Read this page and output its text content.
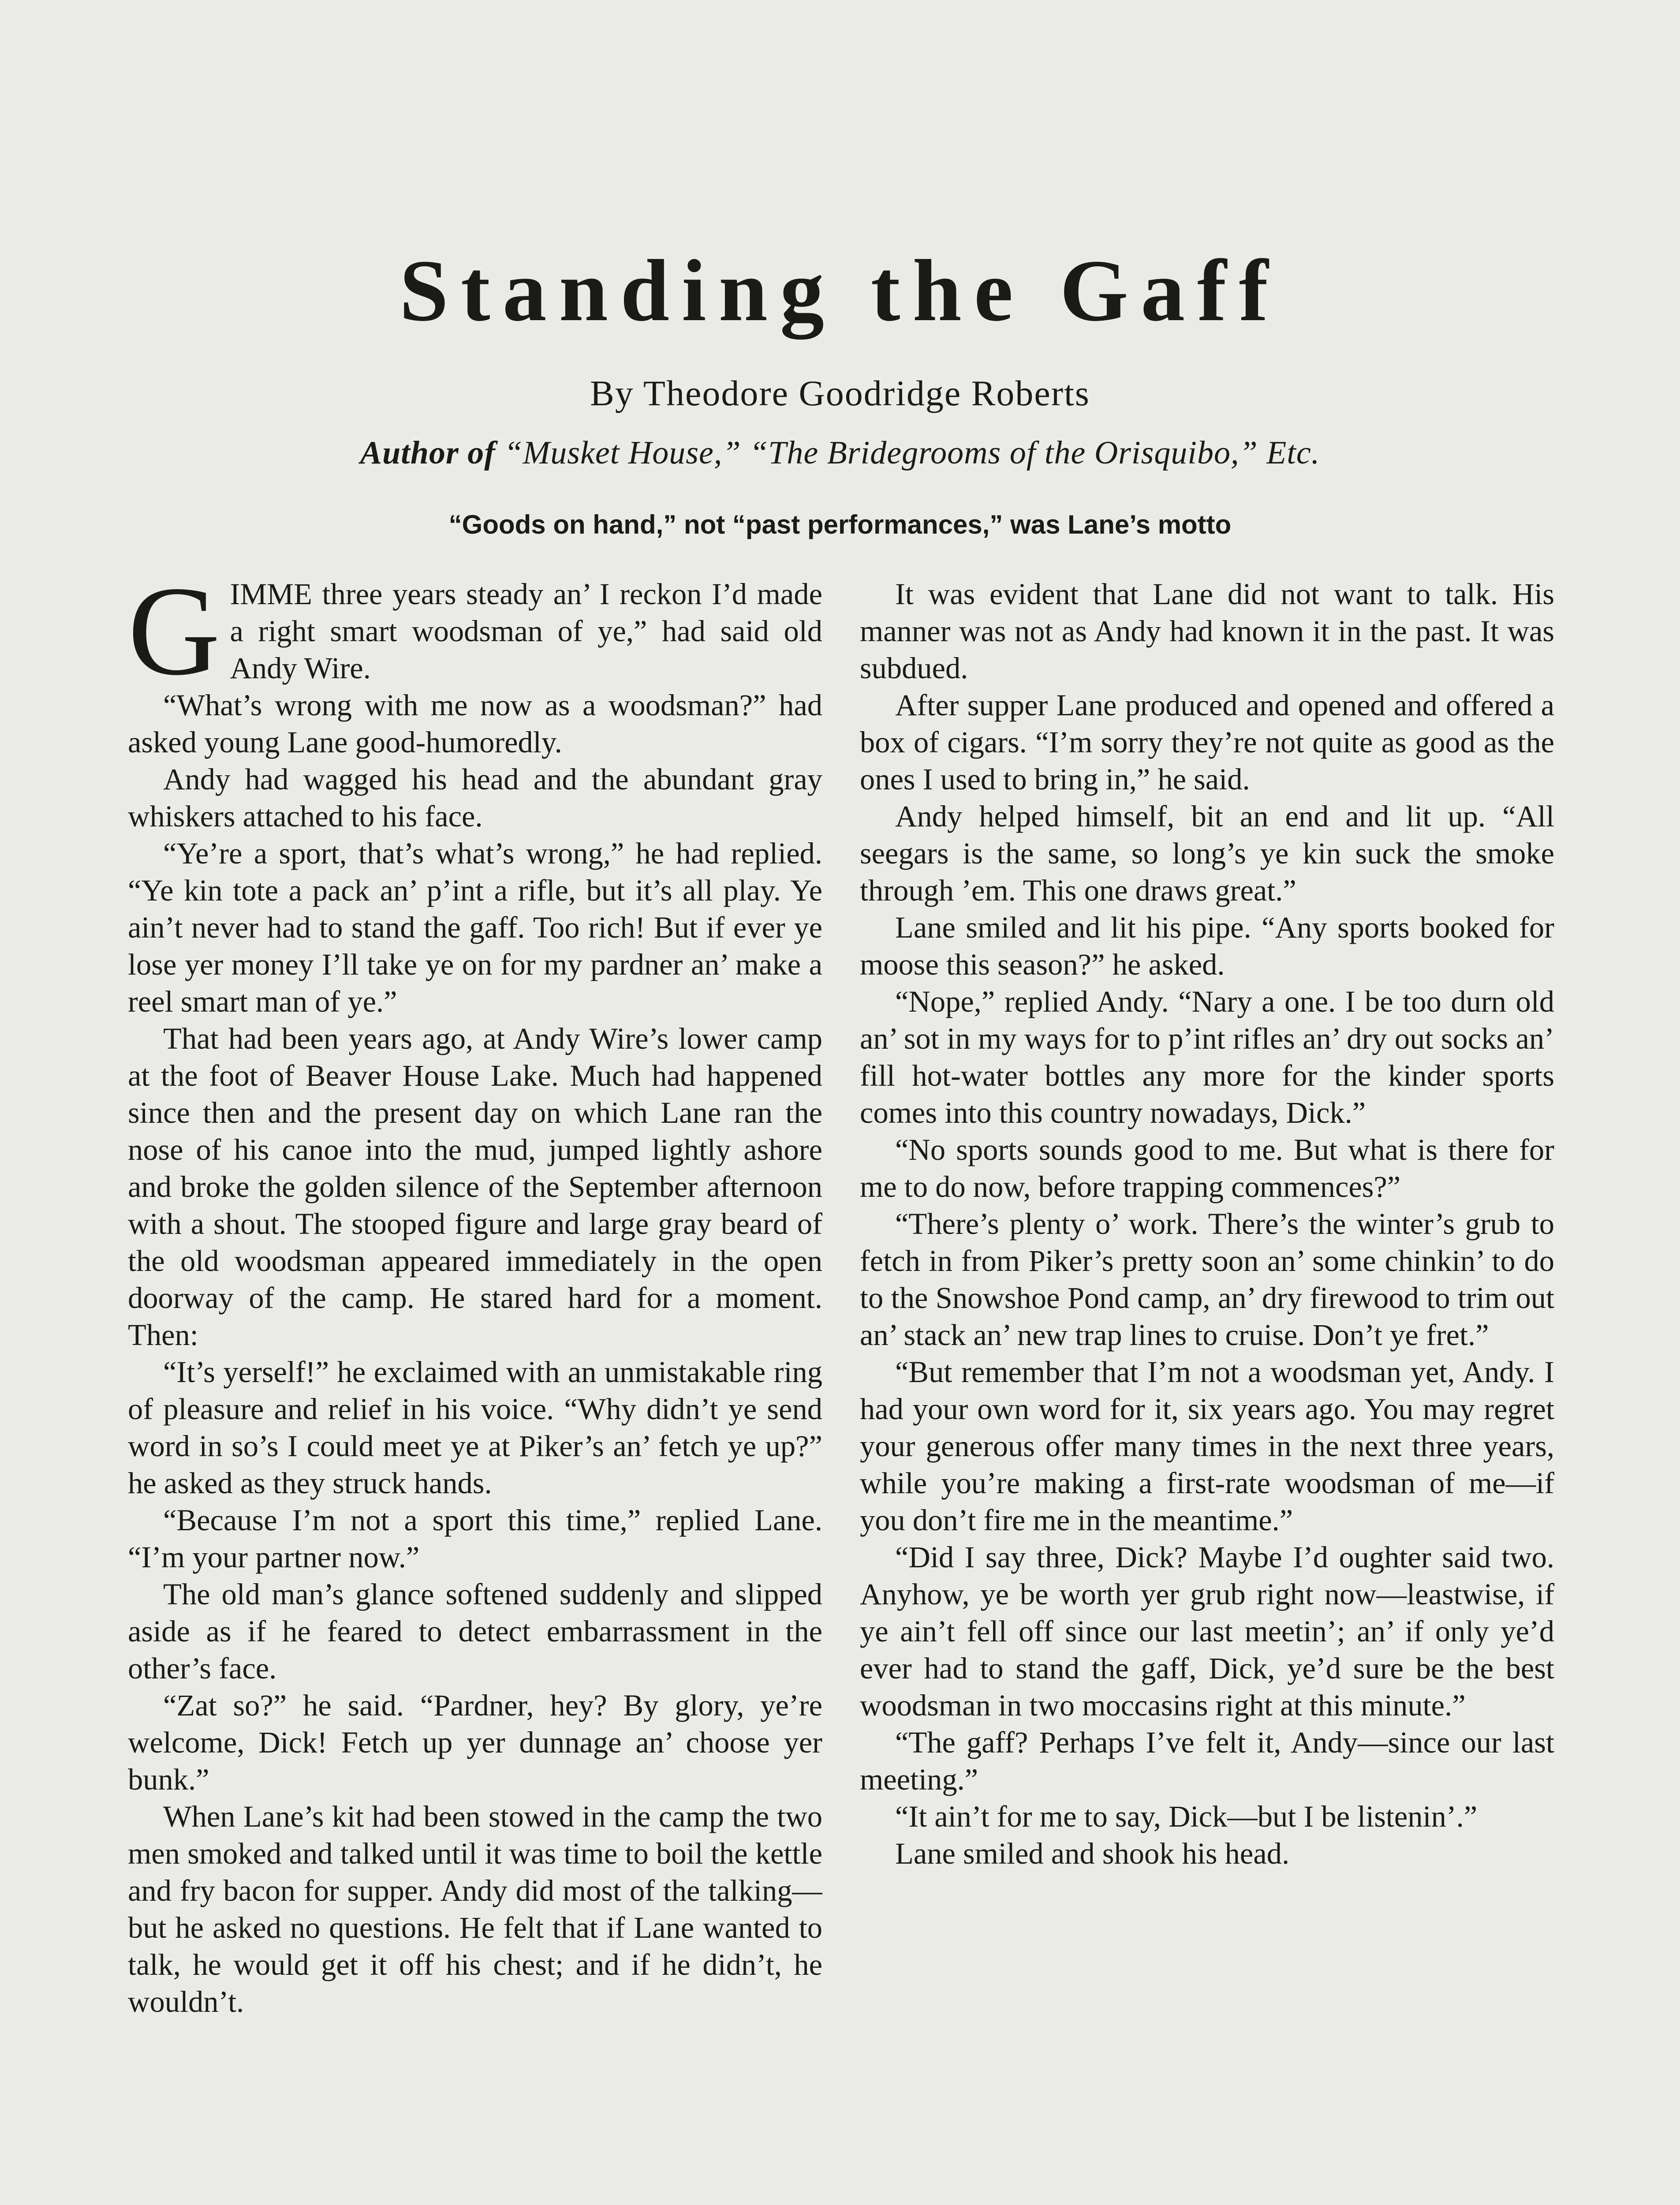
Standing the Gaff
By Theodore Goodridge Roberts
Author of “Musket House,” “The Bridegrooms of the Orisquibo,” Etc.
“Goods on hand,” not “past performances,” was Lane’s motto

GIMME three years steady an’ I reckon I’d made a right smart woodsman of ye,” had said old Andy Wire.

“What’s wrong with me now as a woodsman?” had asked young Lane good-humoredly.

Andy had wagged his head and the abundant gray whiskers attached to his face.

“Ye’re a sport, that’s what’s wrong,” he had replied. “Ye kin tote a pack an’ p’int a rifle, but it’s all play. Ye ain’t never had to stand the gaff. Too rich! But if ever ye lose yer money I’ll take ye on for my pardner an’ make a reel smart man of ye.”

That had been years ago, at Andy Wire’s lower camp at the foot of Beaver House Lake. Much had happened since then and the present day on which Lane ran the nose of his canoe into the mud, jumped lightly ashore and broke the golden silence of the September afternoon with a shout. The stooped figure and large gray beard of the old woodsman appeared immediately in the open doorway of the camp. He stared hard for a moment. Then:

“It’s yerself!” he exclaimed with an unmistakable ring of pleasure and relief in his voice. “Why didn’t ye send word in so’s I could meet ye at Piker’s an’ fetch ye up?” he asked as they struck hands.

“Because I’m not a sport this time,” replied Lane. “I’m your partner now.”

The old man’s glance softened suddenly and slipped aside as if he feared to detect embarrassment in the other’s face.

“Zat so?” he said. “Pardner, hey? By glory, ye’re welcome, Dick! Fetch up yer dunnage an’ choose yer bunk.”

When Lane’s kit had been stowed in the camp the two men smoked and talked until it was time to boil the kettle and fry bacon for supper. Andy did most of the talking—but he asked no questions. He felt that if Lane wanted to talk, he would get it off his chest; and if he didn’t, he wouldn’t.

It was evident that Lane did not want to talk. His manner was not as Andy had known it in the past. It was subdued.

After supper Lane produced and opened and offered a box of cigars. “I’m sorry they’re not quite as good as the ones I used to bring in,” he said.

Andy helped himself, bit an end and lit up. “All seegars is the same, so long’s ye kin suck the smoke through ’em. This one draws great.”

Lane smiled and lit his pipe. “Any sports booked for moose this season?” he asked.

“Nope,” replied Andy. “Nary a one. I be too durn old an’ sot in my ways for to p’int rifles an’ dry out socks an’ fill hot-water bottles any more for the kinder sports comes into this country nowadays, Dick.”

“No sports sounds good to me. But what is there for me to do now, before trapping commences?”

“There’s plenty o’ work. There’s the winter’s grub to fetch in from Piker’s pretty soon an’ some chinkin’ to do to the Snowshoe Pond camp, an’ dry firewood to trim out an’ stack an’ new trap lines to cruise. Don’t ye fret.”

“But remember that I’m not a woodsman yet, Andy. I had your own word for it, six years ago. You may regret your generous offer many times in the next three years, while you’re making a first-rate woodsman of me—if you don’t fire me in the meantime.”

“Did I say three, Dick? Maybe I’d oughter said two. Anyhow, ye be worth yer grub right now—leastwise, if ye ain’t fell off since our last meetin’; an’ if only ye’d ever had to stand the gaff, Dick, ye’d sure be the best woodsman in two moccasins right at this minute.”

“The gaff? Perhaps I’ve felt it, Andy—since our last meeting.”

“It ain’t for me to say, Dick—but I be listenin’.”

Lane smiled and shook his head.
